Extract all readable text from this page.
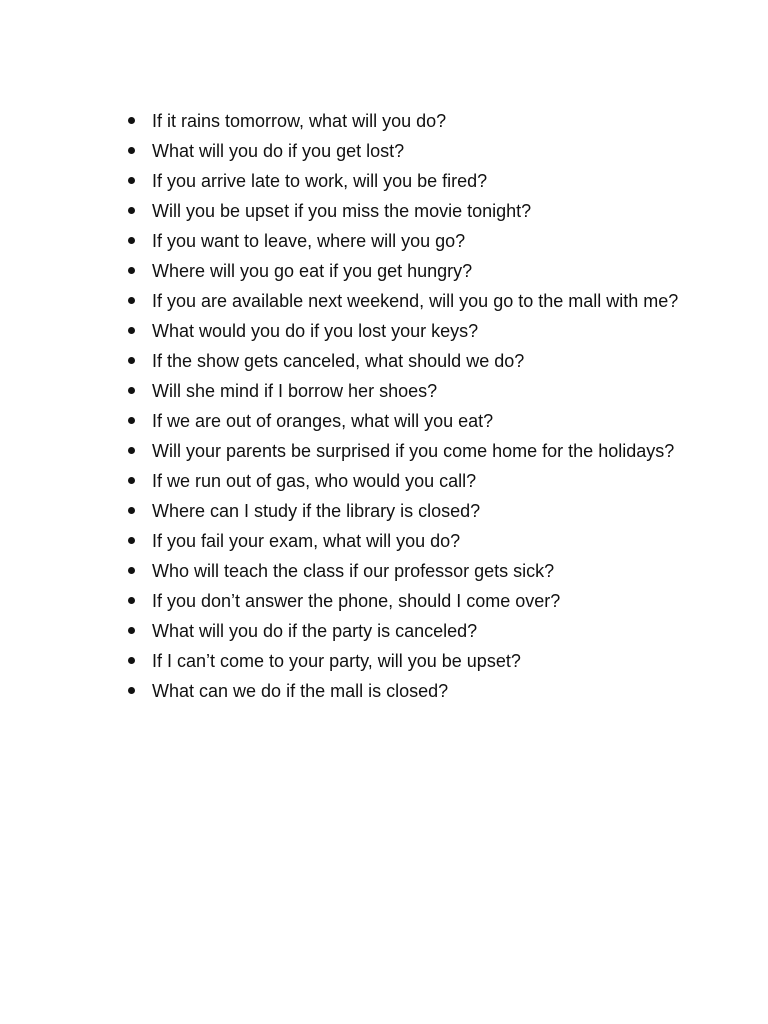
If it rains tomorrow, what will you do?
What will you do if you get lost?
If you arrive late to work, will you be fired?
Will you be upset if you miss the movie tonight?
If you want to leave, where will you go?
Where will you go eat if you get hungry?
If you are available next weekend, will you go to the mall with me?
What would you do if you lost your keys?
If the show gets canceled, what should we do?
Will she mind if I borrow her shoes?
If we are out of oranges, what will you eat?
Will your parents be surprised if you come home for the holidays?
If we run out of gas, who would you call?
Where can I study if the library is closed?
If you fail your exam, what will you do?
Who will teach the class if our professor gets sick?
If you don’t answer the phone, should I come over?
What will you do if the party is canceled?
If I can’t come to your party, will you be upset?
What can we do if the mall is closed?
